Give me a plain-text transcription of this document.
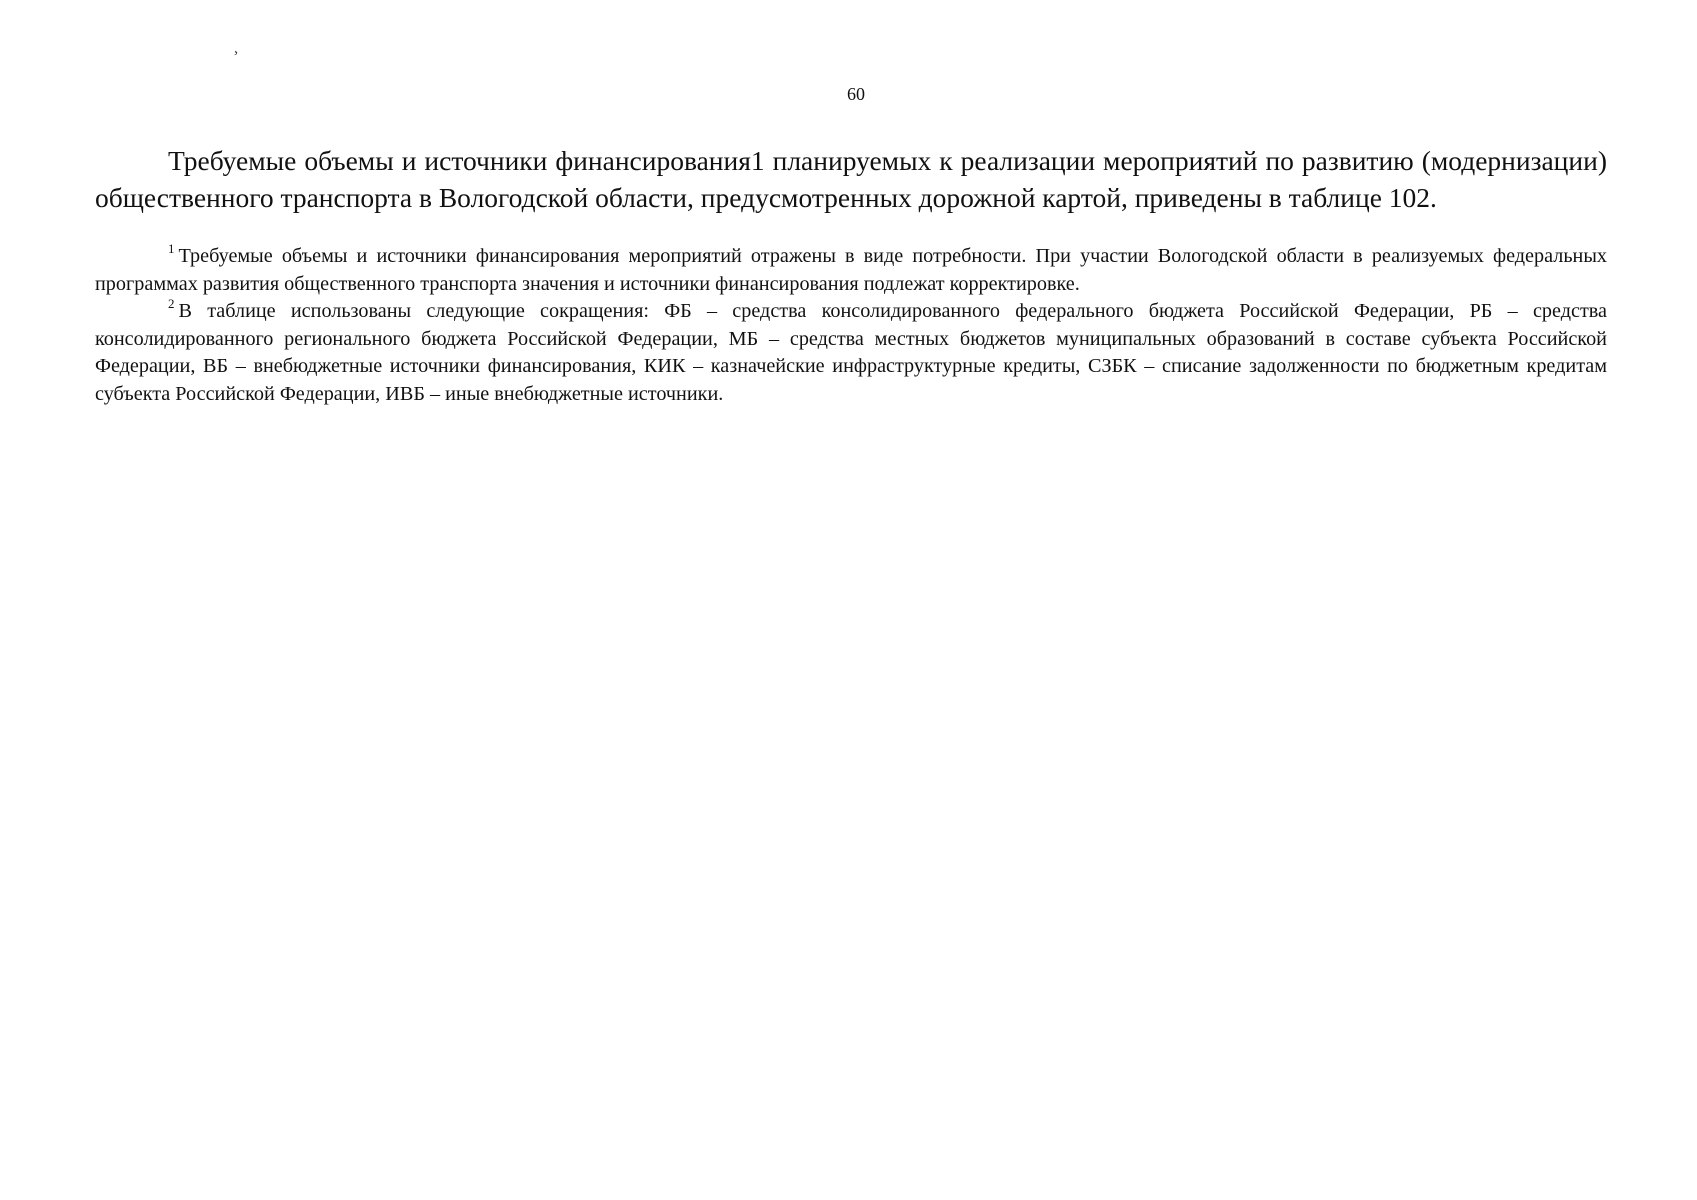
י
60

Требуемые объемы и источники финансирования1 планируемых к реализации мероприятий по развитию (модернизации) общественного транспорта в Вологодской области, предусмотренных дорожной картой, приведены в таблице 102.

$^1$ Требуемые объемы и источники финансирования мероприятий отражены в виде потребности. При участии Вологодской области в реализуемых федеральных программах развития общественного транспорта значения и источники финансирования подлежат корректировке.

$^2$ В таблице использованы следующие сокращения: ФБ – средства консолидированного федерального бюджета Российской Федерации, РБ – средства консолидированного регионального бюджета Российской Федерации, МБ – средства местных бюджетов муниципальных образований в составе субъекта Российской Федерации, ВБ – внебюджетные источники финансирования, КИК – казначейские инфраструктурные кредиты, СЗБК – списание задолженности по бюджетным кредитам субъекта Российской Федерации, ИВБ – иные внебюджетные источники.
